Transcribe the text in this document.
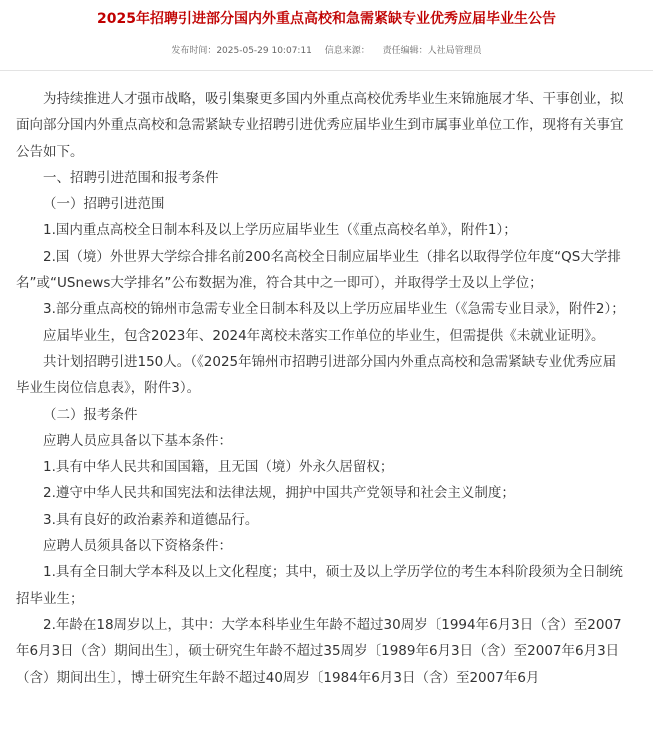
2025年招聘引进部分国内外重点高校和急需紧缺专业优秀应届毕业生公告
发布时间：2025-05-29 10:07:11 信息来源： 责任编辑：人社局管理员

为持续推进人才强市战略，吸引集聚更多国内外重点高校优秀毕业生来锦施展才华、干事创业，拟面向部分国内外重点高校和急需紧缺专业招聘引进优秀应届毕业生到市属事业单位工作，现将有关事宜公告如下。

一、招聘引进范围和报考条件

（一）招聘引进范围

1.国内重点高校全日制本科及以上学历应届毕业生（《重点高校名单》，附件1）；

2.国（境）外世界大学综合排名前200名高校全日制应届毕业生（排名以取得学位年度“QS大学排名”或“USnews大学排名”公布数据为准，符合其中之一即可），并取得学士及以上学位；

3.部分重点高校的锦州市急需专业全日制本科及以上学历应届毕业生（《急需专业目录》，附件2）；

应届毕业生，包含2023年、2024年离校未落实工作单位的毕业生，但需提供《未就业证明》。

共计划招聘引进150人。（《2025年锦州市招聘引进部分国内外重点高校和急需紧缺专业优秀应届毕业生岗位信息表》，附件3）。

（二）报考条件

应聘人员应具备以下基本条件：

1.具有中华人民共和国国籍，且无国（境）外永久居留权；

2.遵守中华人民共和国宪法和法律法规，拥护中国共产党领导和社会主义制度；

3.具有良好的政治素养和道德品行。

应聘人员须具备以下资格条件：

1.具有全日制大学本科及以上文化程度；其中，硕士及以上学历学位的考生本科阶段须为全日制统招毕业生；

2.年龄在18周岁以上，其中：大学本科毕业生年龄不超过30周岁〔1994年6月3日（含）至2007年6月3日（含）期间出生〕，硕士研究生年龄不超过35周岁〔1989年6月3日（含）至2007年6月3日（含）期间出生〕，博士研究生年龄不超过40周岁〔1984年6月3日（含）至2007年6月
